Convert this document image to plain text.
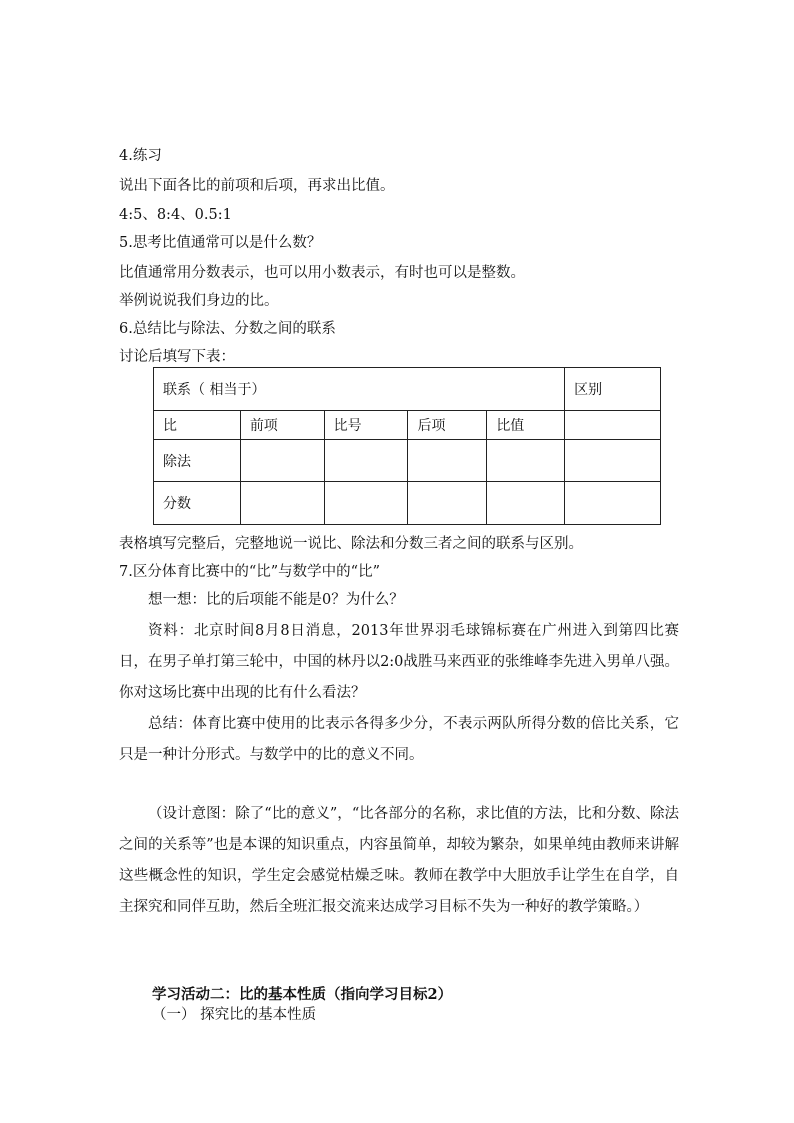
4.练习
说出下面各比的前项和后项，再求出比值。
4:5、8:4、0.5:1
5.思考比值通常可以是什么数？
比值通常用分数表示，也可以用小数表示，有时也可以是整数。
举例说说我们身边的比。
6.总结比与除法、分数之间的联系
讨论后填写下表：
联系（ 相当于）					区别
比	前项	比号	后项	比值	
除法					
分数					
表格填写完整后，完整地说一说比、除法和分数三者之间的联系与区别。
7.区分体育比赛中的“比”与数学中的“比”

想一想：比的后项能不能是0？为什么？

资料：北京时间8月8日消息，2013年世界羽毛球锦标赛在广州进入到第四比赛日，在男子单打第三轮中，中国的林丹以2:0战胜马来西亚的张维峰李先进入男单八强。你对这场比赛中出现的比有什么看法？

总结：体育比赛中使用的比表示各得多少分，不表示两队所得分数的倍比关系，它只是一种计分形式。与数学中的比的意义不同。

（设计意图：除了“比的意义”，“比各部分的名称，求比值的方法，比和分数、除法之间的关系等”也是本课的知识重点，内容虽简单，却较为繁杂，如果单纯由教师来讲解这些概念性的知识，学生定会感觉枯燥乏味。教师在教学中大胆放手让学生在自学，自主探究和同伴互助，然后全班汇报交流来达成学习目标不失为一种好的教学策略。）
学习活动二：比的基本性质（指向学习目标2）
（一） 探究比的基本性质
